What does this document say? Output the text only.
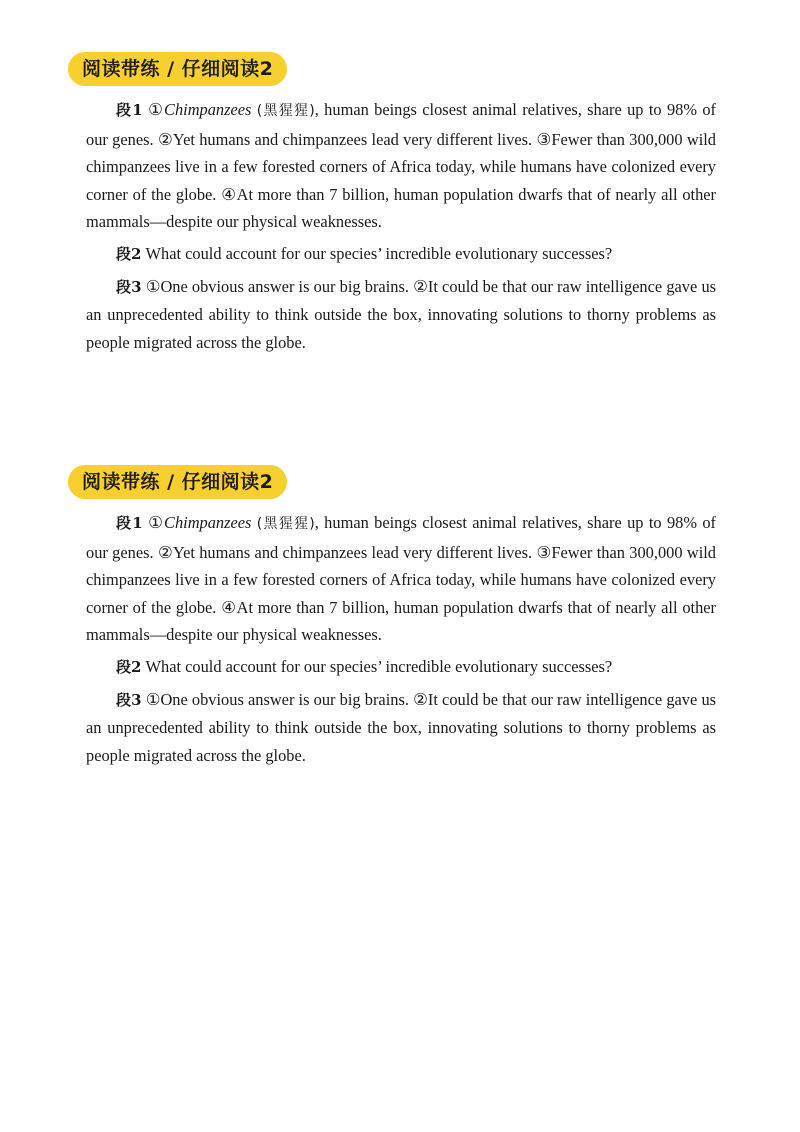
阅读带练 / 仔细阅读2

段1 ①Chimpanzees (黑猩猩), human beings closest animal relatives, share up to 98% of our genes. ②Yet humans and chimpanzees lead very different lives. ③Fewer than 300,000 wild chimpanzees live in a few forested corners of Africa today, while humans have colonized every corner of the globe. ④At more than 7 billion, human population dwarfs that of nearly all other mammals—despite our physical weaknesses.

段2 What could account for our species’ incredible evolutionary successes?

段3 ①One obvious answer is our big brains. ②It could be that our raw intelligence gave us an unprecedented ability to think outside the box, innovating solutions to thorny problems as people migrated across the globe.

阅读带练 / 仔细阅读2

段1 ①Chimpanzees (黑猩猩), human beings closest animal relatives, share up to 98% of our genes. ②Yet humans and chimpanzees lead very different lives. ③Fewer than 300,000 wild chimpanzees live in a few forested corners of Africa today, while humans have colonized every corner of the globe. ④At more than 7 billion, human population dwarfs that of nearly all other mammals—despite our physical weaknesses.

段2 What could account for our species’ incredible evolutionary successes?

段3 ①One obvious answer is our big brains. ②It could be that our raw intelligence gave us an unprecedented ability to think outside the box, innovating solutions to thorny problems as people migrated across the globe.
